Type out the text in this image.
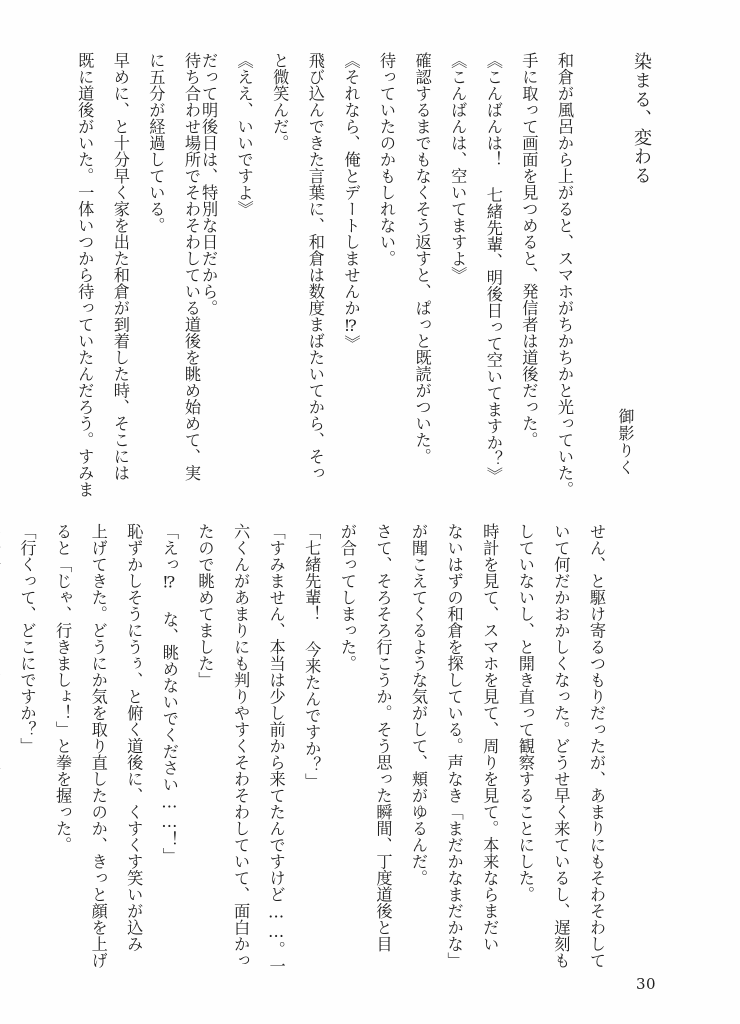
染まる、変わる
御影りく
和倉が風呂から上がると、スマホがちかちかと光っていた。
手に取って画面を見つめると、発信者は道後だった。
《こんばんは！ 七緒先輩、明後日って空いてますか？》
《こんばんは、空いてますよ》
確認するまでもなくそう返すと、ぱっと既読がついた。
待っていたのかもしれない。
《それなら、俺とデートしませんか⁉》
飛び込んできた言葉に、和倉は数度まばたいてから、そっ
と微笑んだ。
《ええ、いいですよ》
だって明後日は、特別な日だから。
待ち合わせ場所でそわそわしている道後を眺め始めて、実
に五分が経過している。
早めに、と十分早く家を出た和倉が到着した時、そこには
既に道後がいた。一体いつから待っていたんだろう。すみま
せん、と駆け寄るつもりだったが、あまりにもそわそわして
いて何だかおかしくなった。どうせ早く来ているし、遅刻も
していないし、と開き直って観察することにした。
時計を見て、スマホを見て、周りを見て。本来ならまだい
ないはずの和倉を探している。声なき「まだかなまだかな」
が聞こえてくるような気がして、頬がゆるんだ。
さて、そろそろ行こうか。そう思った瞬間、丁度道後と目
が合ってしまった。
「七緒先輩！ 今来たんですか？」
「すみません、本当は少し前から来てたんですけど……。一
六くんがあまりにも判りやすくそわそわしていて、面白かっ
たので眺めてました」
「えっ⁉ な、眺めないでください……！」
恥ずかしそうにうぅ、と俯く道後に、くすくす笑いが込み
上げてきた。どうにか気を取り直したのか、きっと顔を上げ
ると「じゃ、行きましょ！」と拳を握った。
「行くって、どこにですか？」

30
